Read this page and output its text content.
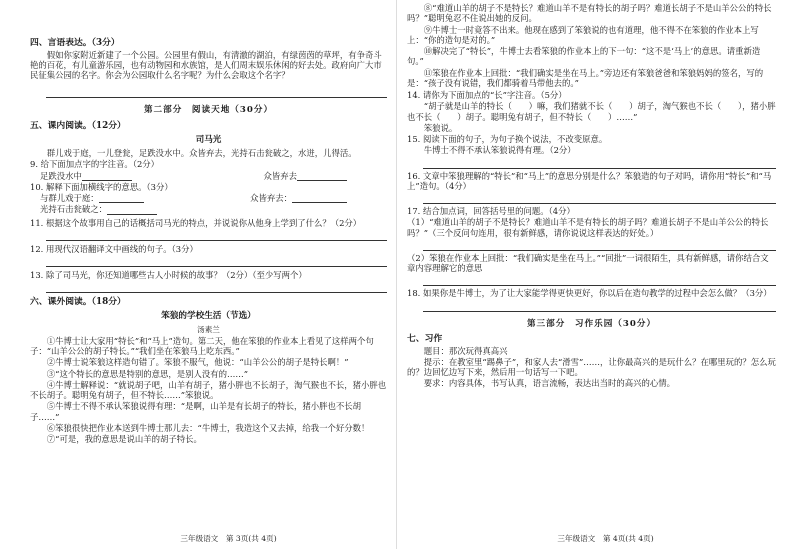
四、言语表达。（3分）
假如你家附近新建了一个公园。公园里有假山，有清澈的湖泊，有绿茵茵的草坪，有争奇斗艳的百花，有儿童游乐园，也有动物园和水族馆，是人们周末娱乐休闲的好去处。政府向广大市民征集公园的名字。你会为公园取什么名字呢？为什么会取这个名字？
第二部分　阅读天地（30分）
五、课内阅读。（12分）
司马光
群儿戏于庭，一儿登瓮，足跌没水中。众皆弃去，光持石击瓮破之，水迸，儿得活。
9. 给下面加点字的字注音。（2分）
足跌没水中	众皆弃去
10. 解释下面加横线字的意思。（3分）
与群儿戏于庭：	众皆弃去：
光持石击瓮破之：
11. 根据这个故事用自己的话概括司马光的特点，并说说你从他身上学到了什么？（2分）
12. 用现代汉语翻译文中画线的句子。（3分）
13. 除了司马光，你还知道哪些古人小时候的故事？（2分）（至少写两个）
六、课外阅读。（18分）
笨狼的学校生活（节选）
汤素兰
①牛博士让大家用“特长”和“马上”造句。第二天，他在笨狼的作业本上看见了这样两个句子：“山羊公公的胡子特长。”“我们坐在笨狼马上吃东西。”
②牛博士说笨狼这样造句错了。笨狼不服气，他说：“山羊公公的胡子是特长啊！”
③“这个特长的意思是特别的意思，是别人没有的……”
④牛博士解释说：“就说胡子吧，山羊有胡子，猪小胖也不长胡子，淘气猴也不长，猪小胖也不长胡子。聪明兔有胡子，但不特长……”笨狼说。
⑤牛博士不得不承认笨狼说得有理：“是啊，山羊是有长胡子的特长，猪小胖也不长胡子……”
⑥笨狼很快把作业本送到牛博士那儿去：“牛博士，我造这个又去掉，给我一个好分数！
⑦“可是，我的意思是说山羊的胡子特长。
三年级语文　第 3页(共 4页)
⑧“难道山羊的胡子不是特长？难道山羊不是有特长的胡子吗？难道长胡子不是山羊公公的特长吗？”聪明兔忍不住说出她的反问。
⑨牛博士一时竟答不出来。他现在感到了笨狼说的也有道理，他不得不在笨狼的作业本上写上：“你的造句是对的。”
⑩解决完了“特长”，牛博士去看笨狼的作业本上的下一句：“这不是‘马上’的意思。请重新造句。”
⑪笨狼在作业本上回批：“我们确实是坐在马上。”旁边还有笨狼爸爸和笨狼妈妈的签名，写的是：“孩子没有说错，我们都骑着马带他去的。”
14. 请你为下面加点的“长”字注音。（5分）
“胡子就是山羊的特长（　　）嘛，我们猪就不长（　　）胡子，淘气猴也不长（　　），猪小胖也不长（　　）胡子。聪明兔有胡子，但不特长（　　）……”
笨狼说。
15. 阅读下面的句子，为句子换个说法，不改变原意。
牛博士不得不承认笨狼说得有理。（2分）
16. 文章中笨狼理解的“特长”和“马上”的意思分别是什么？笨狼造的句子对吗，请你用“特长”和“马上”造句。（4分）
17. 结合加点词，回答括号里的问题。（4分）
（1）“难道山羊的胡子不是特长？难道山羊不是有特长的胡子吗？难道长胡子不是山羊公公的特长吗？”（三个反问句连用，很有新鲜感，请你说说这样表达的好处。）
（2）笨狼在作业本上回批：“我们确实是坐在马上。”“回批”一词很陌生，具有新鲜感，请你结合文章内容理解它的意思
18. 如果你是牛博士，为了让大家能学得更快更好，你以后在造句教学的过程中会怎么做？（3分）
第三部分　习作乐园（30分）
七、习作
题目：那次玩得真高兴
提示：在教室里“踢鼻子”，和家人去“滑雪”……，让你最高兴的是玩什么？在哪里玩的？怎么玩的？边回忆边写下来，然后用一句话写一下吧。
要求：内容具体，书写认真，语言流畅，表达出当时的高兴的心情。
三年级语文　第 4页(共 4页)
